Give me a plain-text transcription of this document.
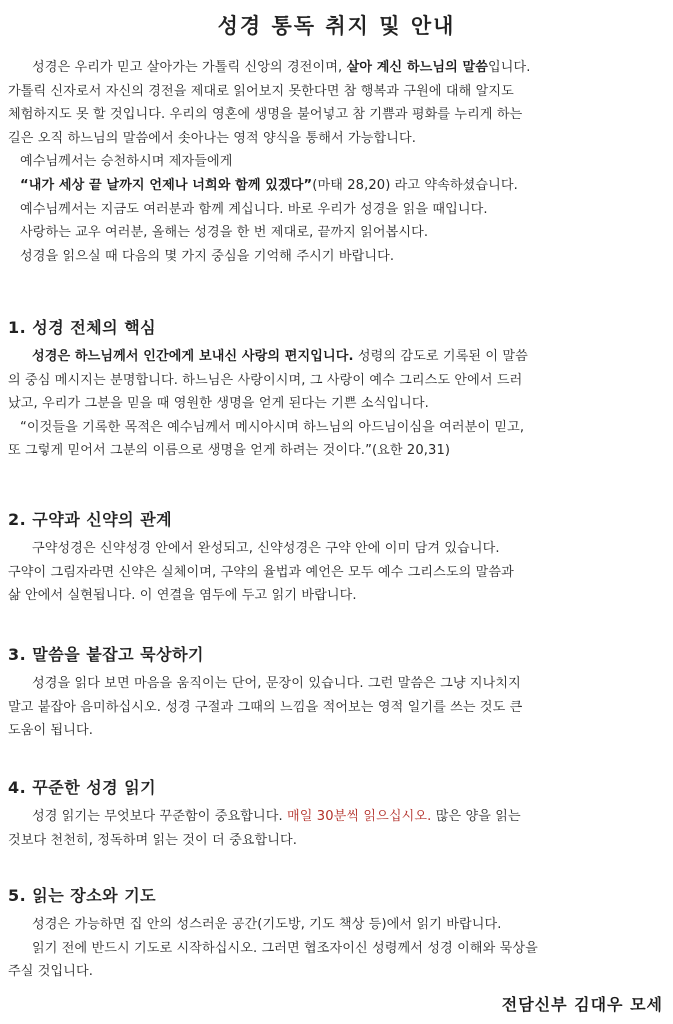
성경 통독 취지 및 안내
성경은 우리가 믿고 살아가는 가톨릭 신앙의 경전이며, 살아 계신 하느님의 말씀입니다.
가톨릭 신자로서 자신의 경전을 제대로 읽어보지 못한다면 참 행복과 구원에 대해 알지도
체험하지도 못 할 것입니다. 우리의 영혼에 생명을 불어넣고 참 기쁨과 평화를 누리게 하는
길은 오직 하느님의 말씀에서 솟아나는 영적 양식을 통해서 가능합니다.
예수님께서는 승천하시며 제자들에게
“내가 세상 끝 날까지 언제나 너희와 함께 있겠다”(마태 28,20) 라고 약속하셨습니다.
예수님께서는 지금도 여러분과 함께 계십니다. 바로 우리가 성경을 읽을 때입니다.
사랑하는 교우 여러분, 올해는 성경을 한 번 제대로, 끝까지 읽어봅시다.
성경을 읽으실 때 다음의 몇 가지 중심을 기억해 주시기 바랍니다.
1. 성경 전체의 핵심
성경은 하느님께서 인간에게 보내신 사랑의 편지입니다. 성령의 감도로 기록된 이 말씀
의 중심 메시지는 분명합니다. 하느님은 사랑이시며, 그 사랑이 예수 그리스도 안에서 드러
났고, 우리가 그분을 믿을 때 영원한 생명을 얻게 된다는 기쁜 소식입니다.
“이것들을 기록한 목적은 예수님께서 메시아시며 하느님의 아드님이심을 여러분이 믿고,
또 그렇게 믿어서 그분의 이름으로 생명을 얻게 하려는 것이다.”(요한 20,31)
2. 구약과 신약의 관계
구약성경은 신약성경 안에서 완성되고, 신약성경은 구약 안에 이미 담겨 있습니다.
구약이 그림자라면 신약은 실체이며, 구약의 율법과 예언은 모두 예수 그리스도의 말씀과
삶 안에서 실현됩니다. 이 연결을 염두에 두고 읽기 바랍니다.
3. 말씀을 붙잡고 묵상하기
성경을 읽다 보면 마음을 움직이는 단어, 문장이 있습니다. 그런 말씀은 그냥 지나치지
말고 붙잡아 음미하십시오. 성경 구절과 그때의 느낌을 적어보는 영적 일기를 쓰는 것도 큰
도움이 됩니다.
4. 꾸준한 성경 읽기
성경 읽기는 무엇보다 꾸준함이 중요합니다. 매일 30분씩 읽으십시오. 많은 양을 읽는
것보다 천천히, 정독하며 읽는 것이 더 중요합니다.
5. 읽는 장소와 기도
성경은 가능하면 집 안의 성스러운 공간(기도방, 기도 책상 등)에서 읽기 바랍니다.
읽기 전에 반드시 기도로 시작하십시오. 그러면 협조자이신 성령께서 성경 이해와 묵상을
주실 것입니다.
전담신부 김대우 모세
